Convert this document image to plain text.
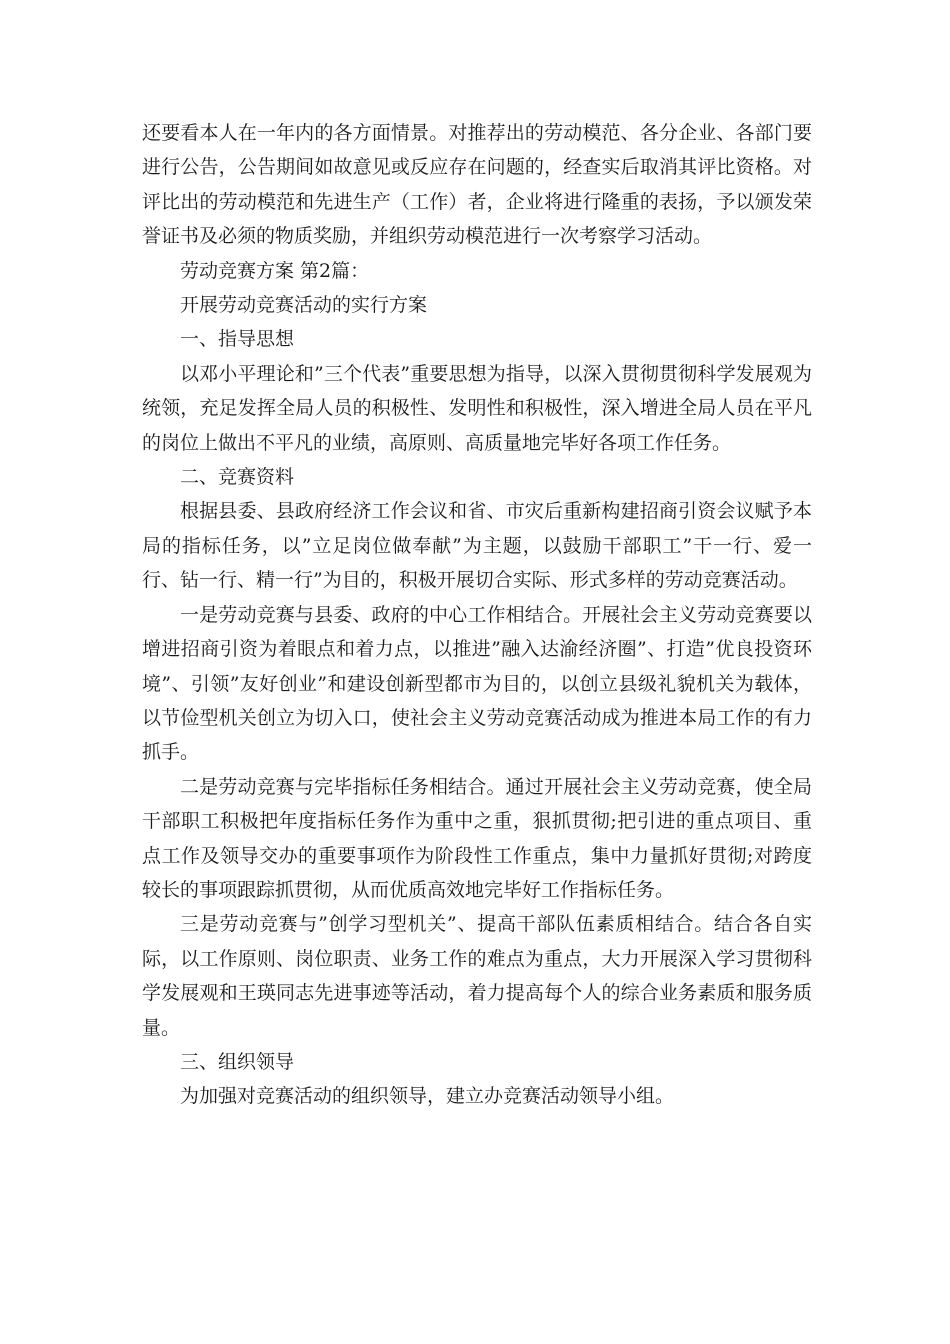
还要看本人在一年内的各方面情景。对推荐出的劳动模范、各分企业、各部门要进行公告，公告期间如故意见或反应存在问题的，经查实后取消其评比资格。对评比出的劳动模范和先进生产（工作）者，企业将进行隆重的表扬，予以颁发荣誉证书及必须的物质奖励，并组织劳动模范进行一次考察学习活动。

劳动竞赛方案 第2篇：

开展劳动竞赛活动的实行方案

一、指导思想

以邓小平理论和”三个代表”重要思想为指导，以深入贯彻贯彻科学发展观为统领，充足发挥全局人员的积极性、发明性和积极性，深入增进全局人员在平凡的岗位上做出不平凡的业绩，高原则、高质量地完毕好各项工作任务。

二、竞赛资料

根据县委、县政府经济工作会议和省、市灾后重新构建招商引资会议赋予本局的指标任务，以”立足岗位做奉献”为主题，以鼓励干部职工”干一行、爱一行、钻一行、精一行”为目的，积极开展切合实际、形式多样的劳动竞赛活动。

一是劳动竞赛与县委、政府的中心工作相结合。开展社会主义劳动竞赛要以增进招商引资为着眼点和着力点，以推进”融入达渝经济圈”、打造”优良投资环境”、引领”友好创业”和建设创新型都市为目的，以创立县级礼貌机关为载体，以节俭型机关创立为切入口，使社会主义劳动竞赛活动成为推进本局工作的有力抓手。

二是劳动竞赛与完毕指标任务相结合。通过开展社会主义劳动竞赛，使全局干部职工积极把年度指标任务作为重中之重，狠抓贯彻;把引进的重点项目、重点工作及领导交办的重要事项作为阶段性工作重点，集中力量抓好贯彻;对跨度较长的事项跟踪抓贯彻，从而优质高效地完毕好工作指标任务。

三是劳动竞赛与”创学习型机关”、提高干部队伍素质相结合。结合各自实际，以工作原则、岗位职责、业务工作的难点为重点，大力开展深入学习贯彻科学发展观和王瑛同志先进事迹等活动，着力提高每个人的综合业务素质和服务质量。

三、组织领导

为加强对竞赛活动的组织领导，建立办竞赛活动领导小组。
